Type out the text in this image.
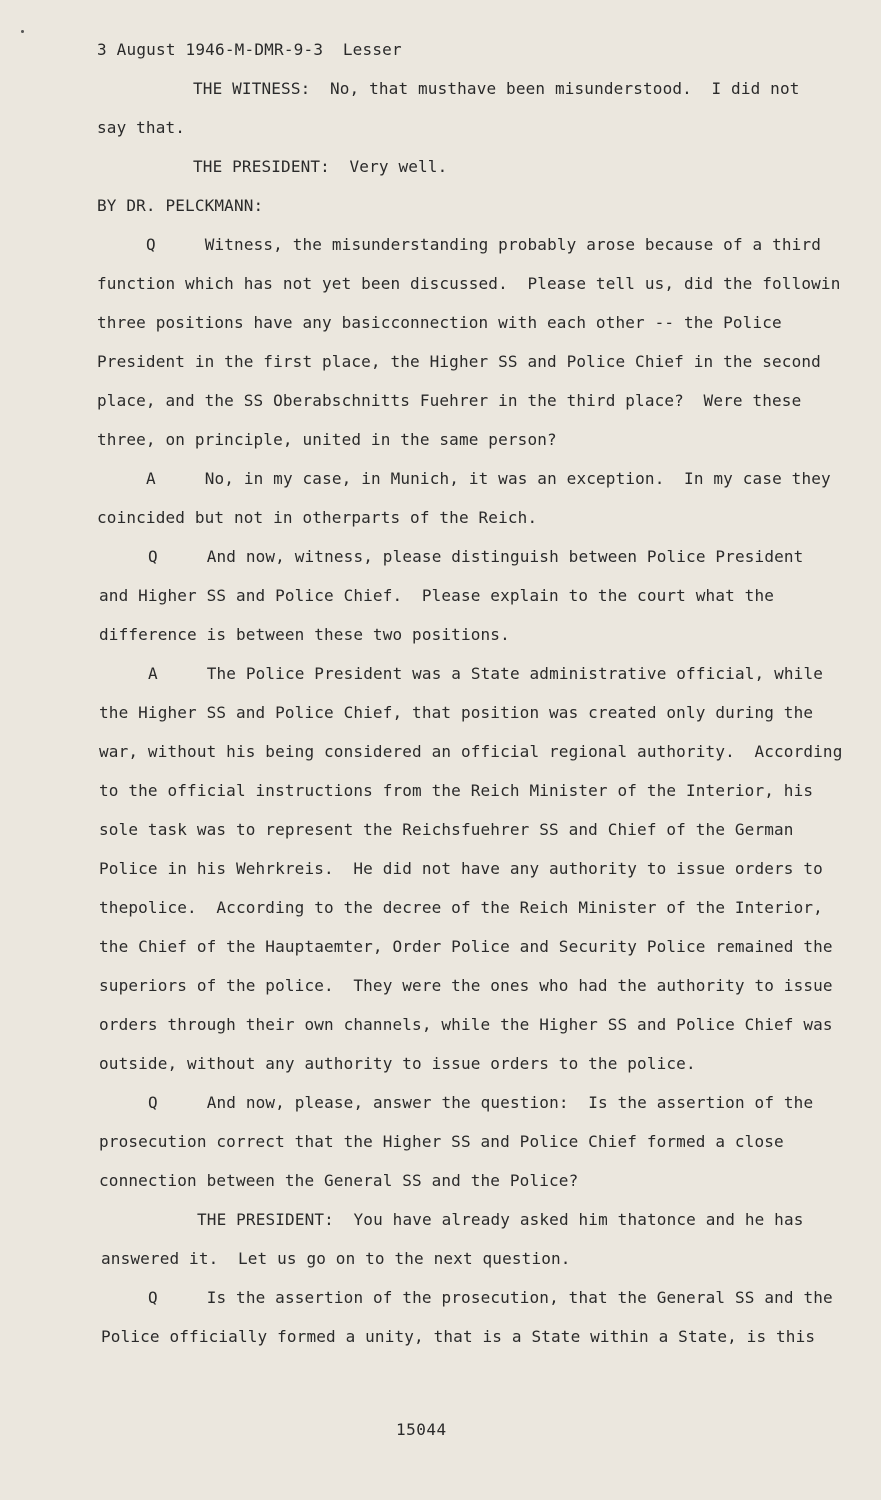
3 August 1946-M-DMR-9-3  Lesser
THE WITNESS:  No, that musthave been misunderstood.  I did not
say that.
THE PRESIDENT:  Very well.
BY DR. PELCKMANN:
Q     Witness, the misunderstanding probably arose because of a third
function which has not yet been discussed.  Please tell us, did the followin
three positions have any basicconnection with each other -- the Police
President in the first place, the Higher SS and Police Chief in the second
place, and the SS Oberabschnitts Fuehrer in the third place?  Were these
three, on principle, united in the same person?
A     No, in my case, in Munich, it was an exception.  In my case they
coincided but not in otherparts of the Reich.
Q     And now, witness, please distinguish between Police President
and Higher SS and Police Chief.  Please explain to the court what the
difference is between these two positions.
A     The Police President was a State administrative official, while
the Higher SS and Police Chief, that position was created only during the
war, without his being considered an official regional authority.  According
to the official instructions from the Reich Minister of the Interior, his
sole task was to represent the Reichsfuehrer SS and Chief of the German
Police in his Wehrkreis.  He did not have any authority to issue orders to
thepolice.  According to the decree of the Reich Minister of the Interior,
the Chief of the Hauptaemter, Order Police and Security Police remained the
superiors of the police.  They were the ones who had the authority to issue
orders through their own channels, while the Higher SS and Police Chief was
outside, without any authority to issue orders to the police.
Q     And now, please, answer the question:  Is the assertion of the
prosecution correct that the Higher SS and Police Chief formed a close
connection between the General SS and the Police?
THE PRESIDENT:  You have already asked him thatonce and he has
answered it.  Let us go on to the next question.
Q     Is the assertion of the prosecution, that the General SS and the
Police officially formed a unity, that is a State within a State, is this
15044
